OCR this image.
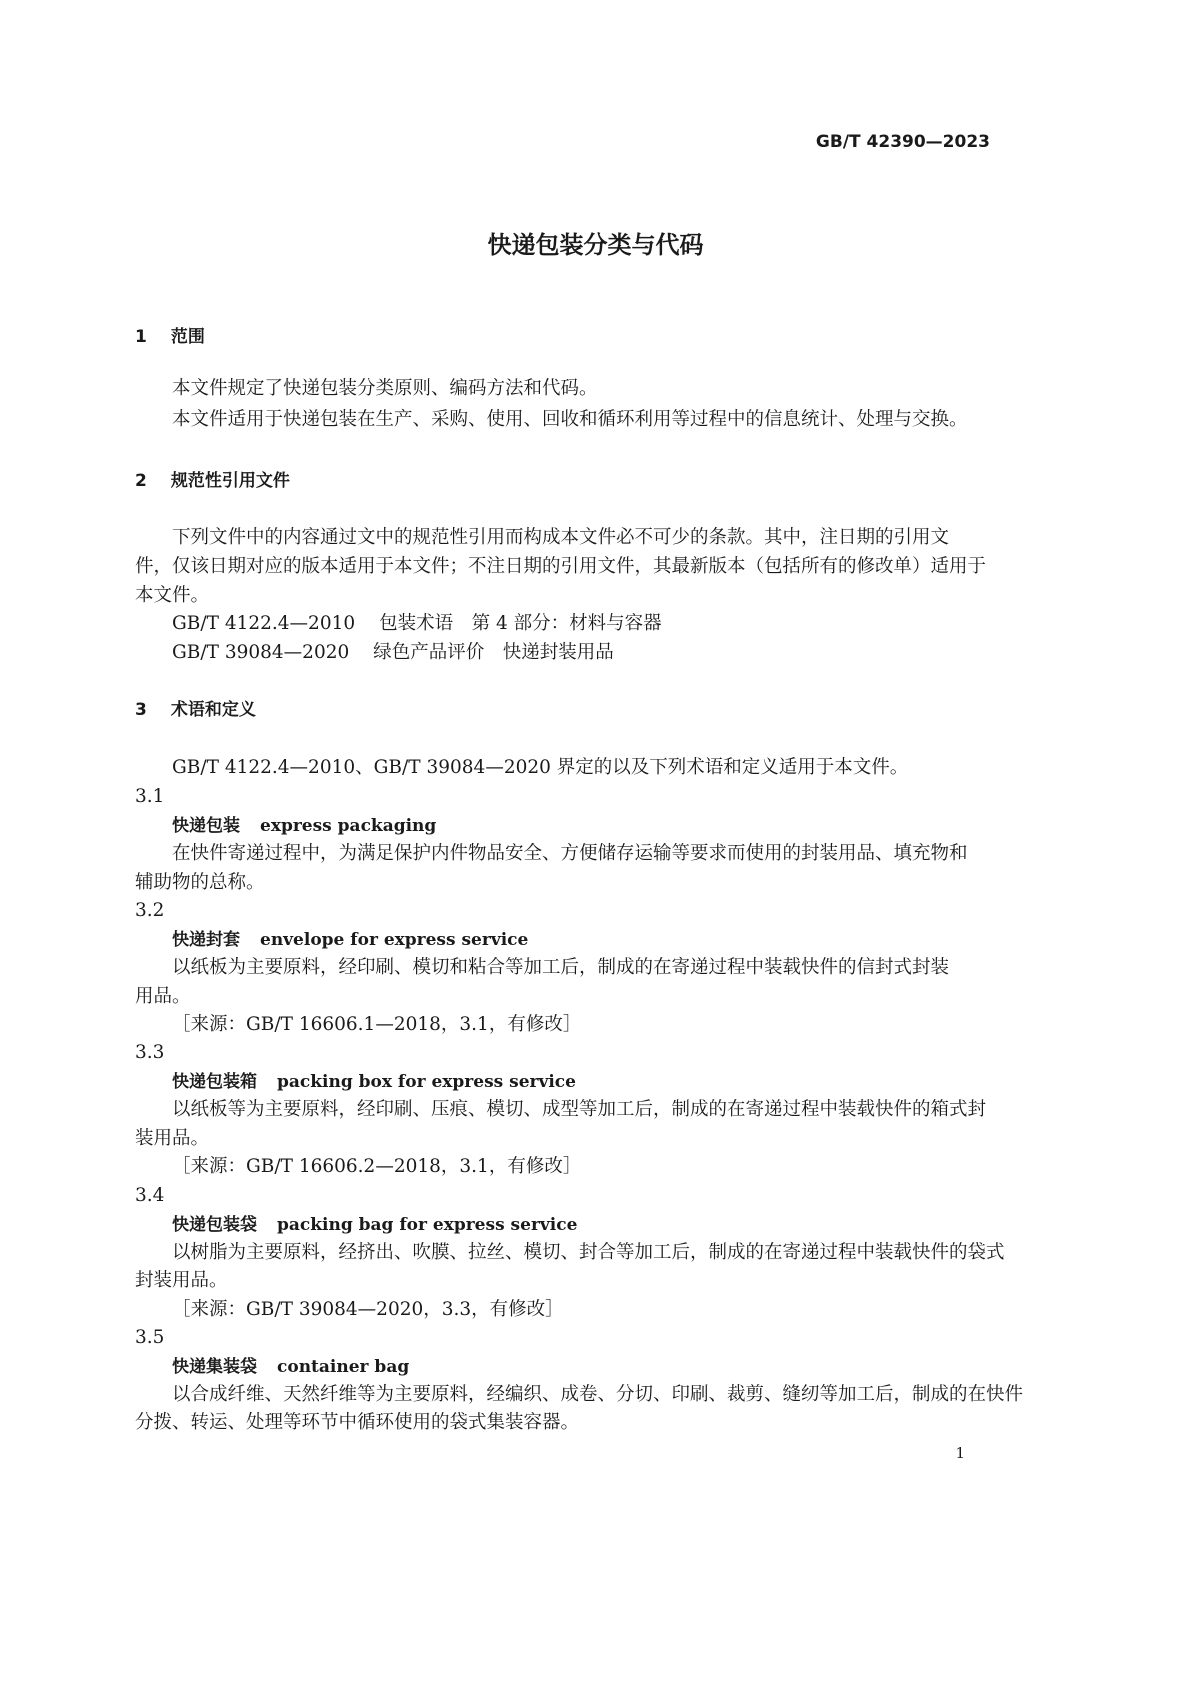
GB/T 42390—2023
快递包装分类与代码
1 范围
本文件规定了快递包装分类原则、编码方法和代码。
本文件适用于快递包装在生产、采购、使用、回收和循环利用等过程中的信息统计、处理与交换。
2 规范性引用文件
下列文件中的内容通过文中的规范性引用而构成本文件必不可少的条款。其中，注日期的引用文
件，仅该日期对应的版本适用于本文件；不注日期的引用文件，其最新版本（包括所有的修改单）适用于
本文件。
GB/T 4122.4—2010 包装术语　第 4 部分：材料与容器
GB/T 39084—2020 绿色产品评价　快递封装用品
3 术语和定义
GB/T 4122.4—2010、GB/T 39084—2020 界定的以及下列术语和定义适用于本文件。
3.1
快递包装 express packaging
在快件寄递过程中，为满足保护内件物品安全、方便储存运输等要求而使用的封装用品、填充物和
辅助物的总称。
3.2
快递封套 envelope for express service
以纸板为主要原料，经印刷、模切和粘合等加工后，制成的在寄递过程中装载快件的信封式封装
用品。
［来源：GB/T 16606.1—2018，3.1，有修改］
3.3
快递包装箱 packing box for express service
以纸板等为主要原料，经印刷、压痕、模切、成型等加工后，制成的在寄递过程中装载快件的箱式封
装用品。
［来源：GB/T 16606.2—2018，3.1，有修改］
3.4
快递包装袋 packing bag for express service
以树脂为主要原料，经挤出、吹膜、拉丝、模切、封合等加工后，制成的在寄递过程中装载快件的袋式
封装用品。
［来源：GB/T 39084—2020，3.3，有修改］
3.5
快递集装袋 container bag
以合成纤维、天然纤维等为主要原料，经编织、成卷、分切、印刷、裁剪、缝纫等加工后，制成的在快件
分拨、转运、处理等环节中循环使用的袋式集装容器。
1
